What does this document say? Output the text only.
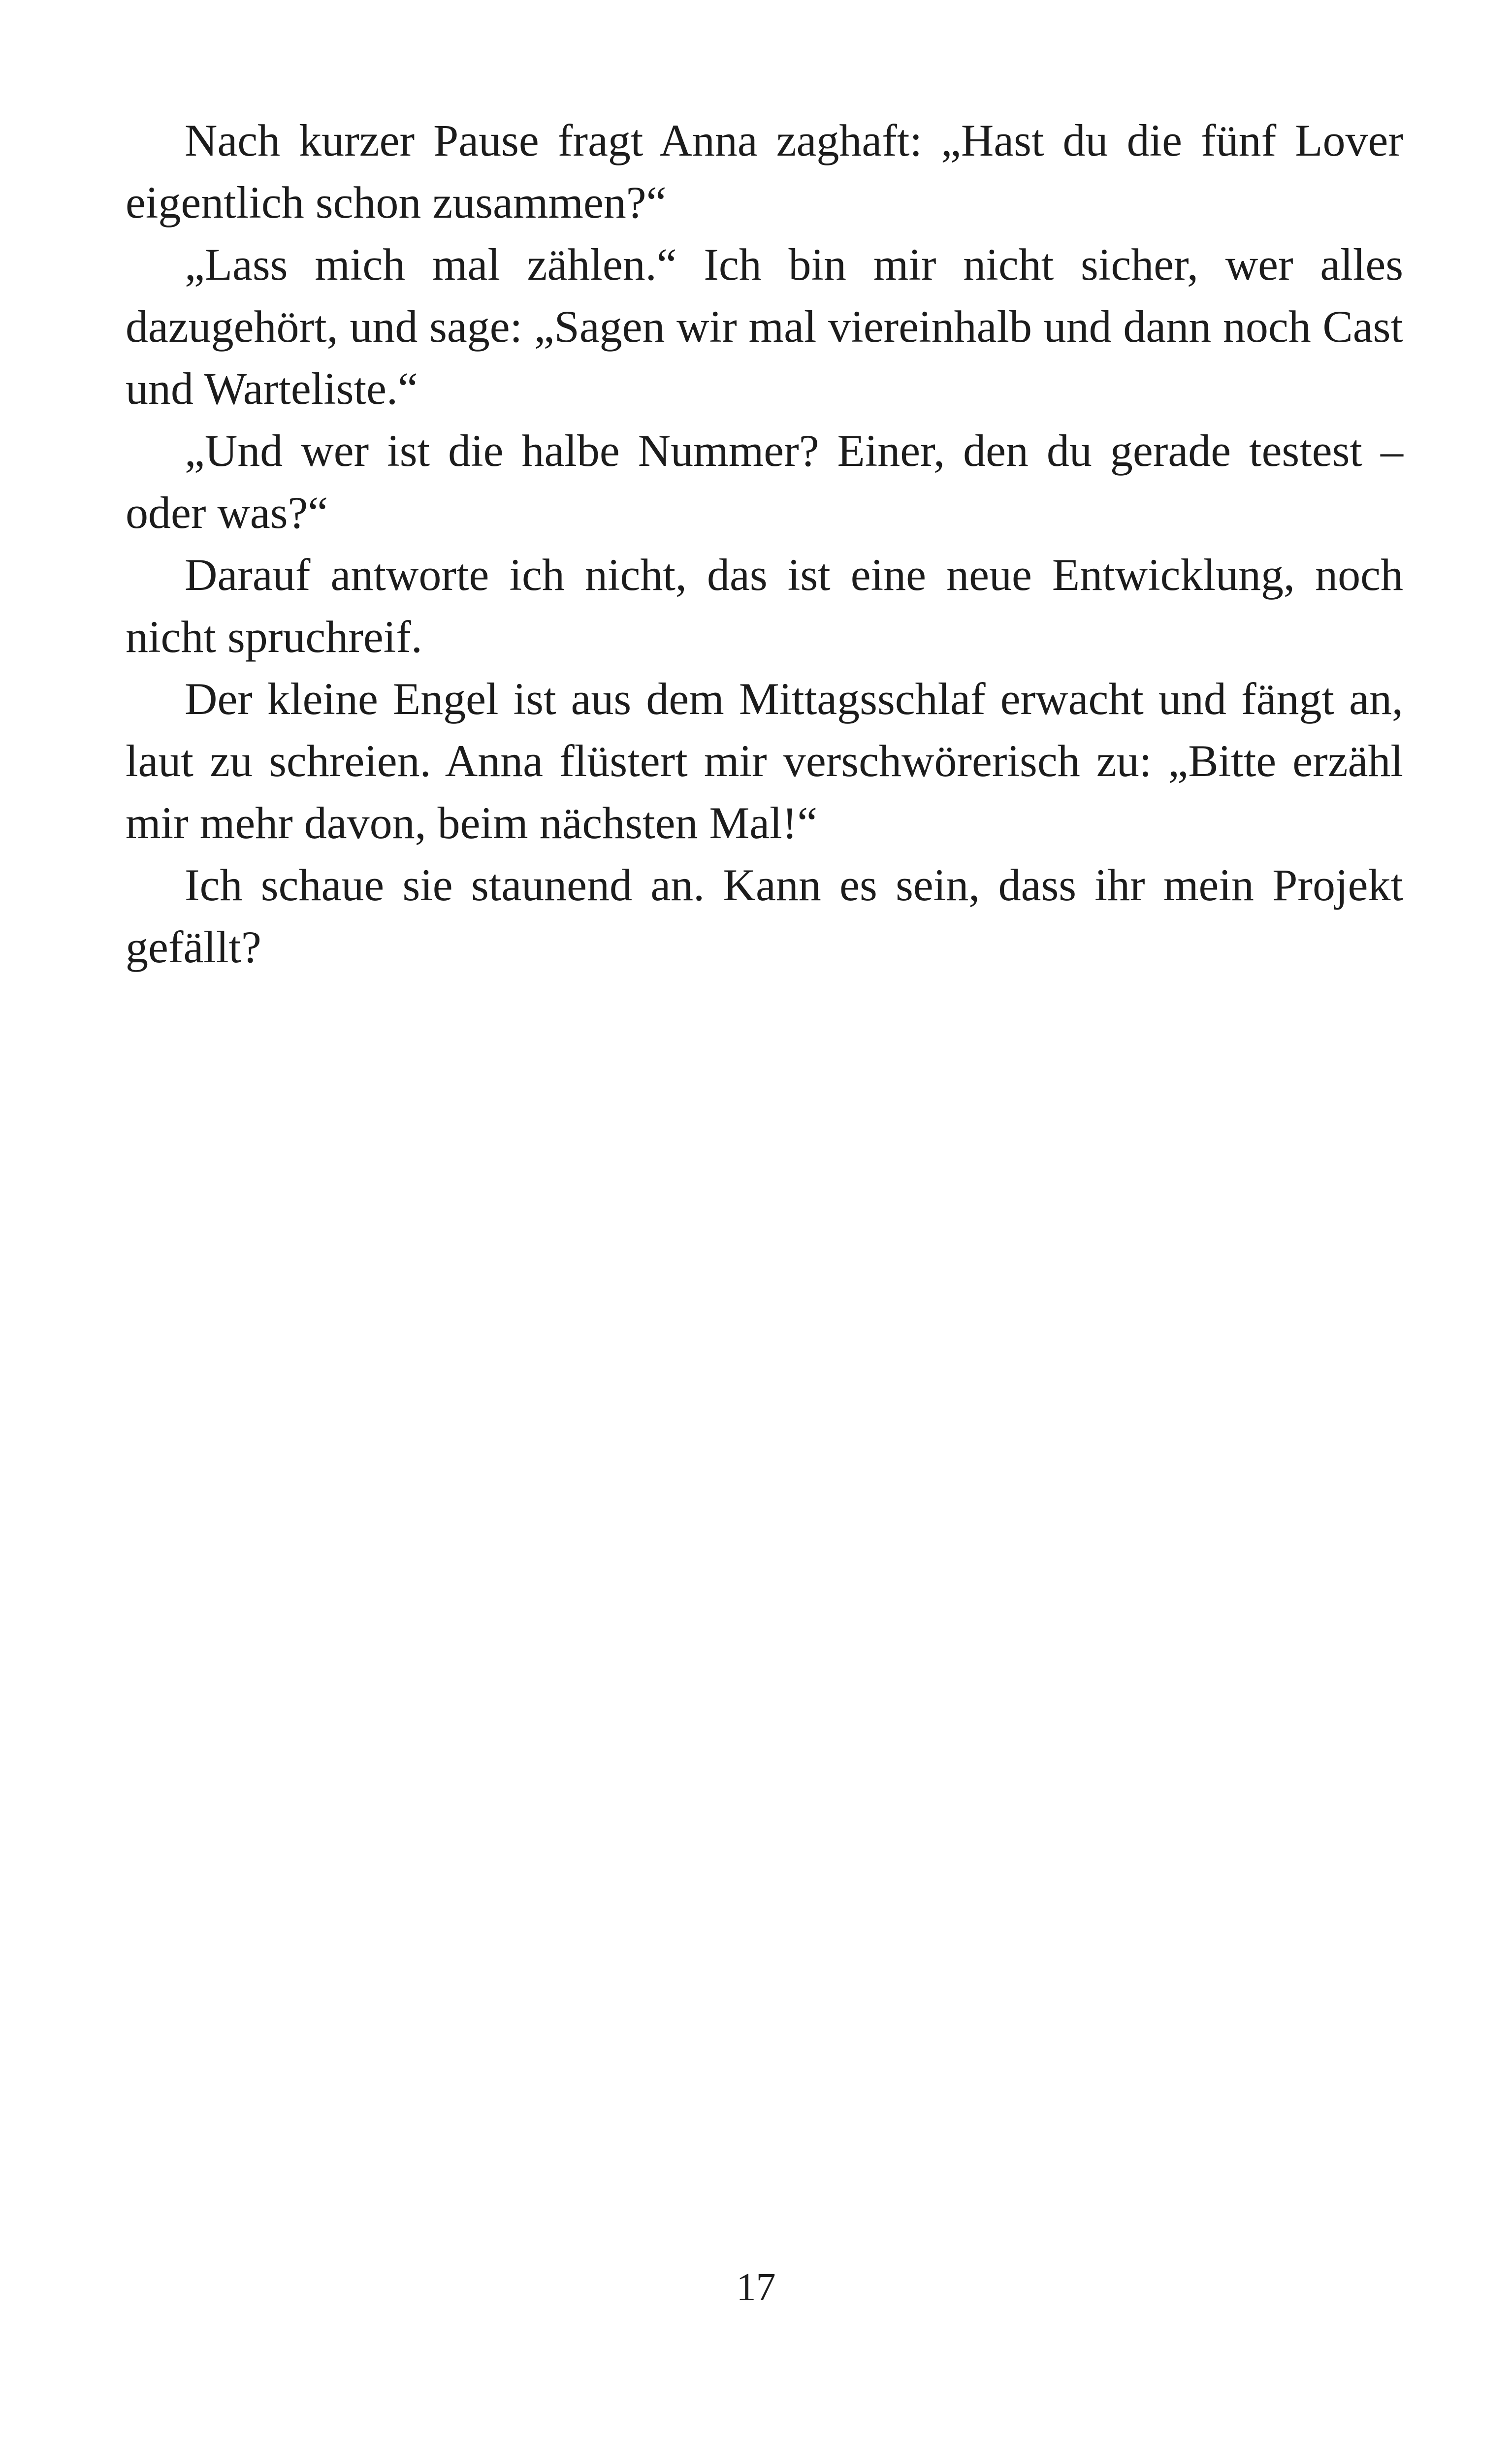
Nach kurzer Pause fragt Anna zaghaft: „Hast du die fünf Lover eigentlich schon zusammen?“

„Lass mich mal zählen.“ Ich bin mir nicht sicher, wer alles dazugehört, und sage: „Sagen wir mal viereinhalb und dann noch Cast und Warteliste.“

„Und wer ist die halbe Nummer? Einer, den du gerade testest – oder was?“

Darauf antworte ich nicht, das ist eine neue Entwicklung, noch nicht spruchreif.

Der kleine Engel ist aus dem Mittagsschlaf erwacht und fängt an, laut zu schreien. Anna flüstert mir verschwörerisch zu: „Bitte erzähl mir mehr davon, beim nächsten Mal!“

Ich schaue sie staunend an. Kann es sein, dass ihr mein Projekt gefällt?

17
